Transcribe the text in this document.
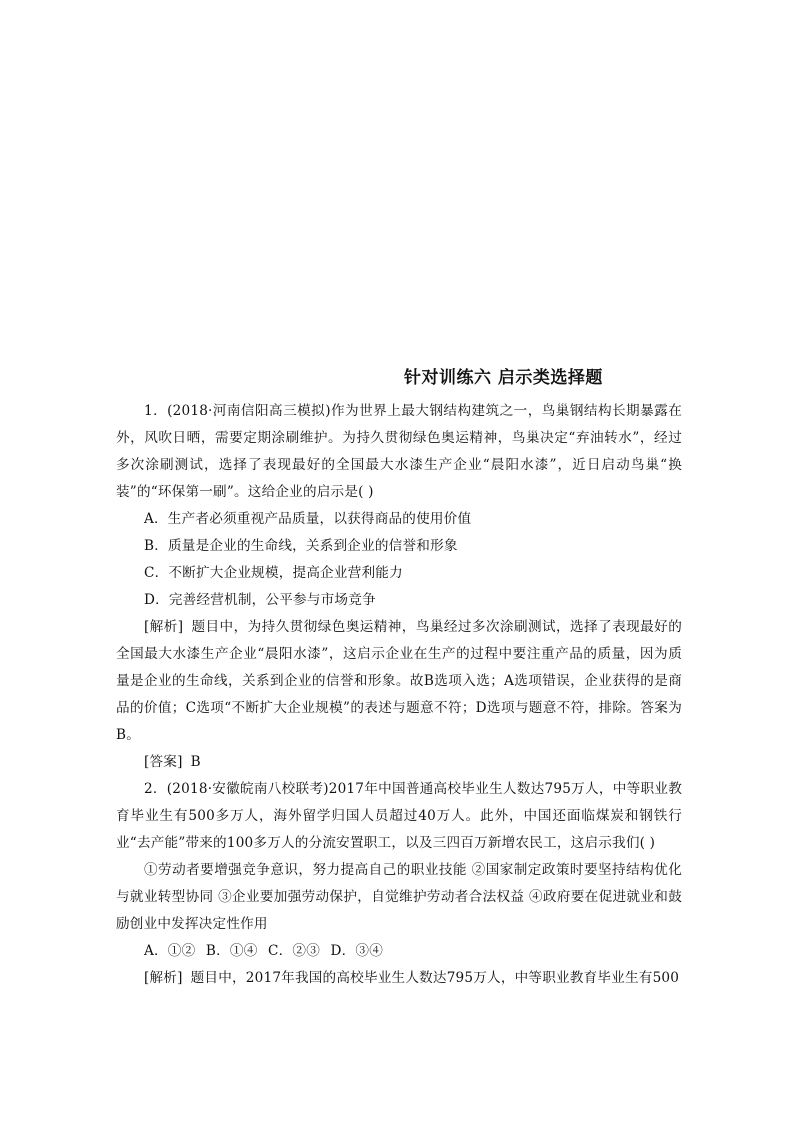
针对训练六 启示类选择题

1．(2018·河南信阳高三模拟)作为世界上最大钢结构建筑之一，鸟巢钢结构长期暴露在外，风吹日晒，需要定期涂刷维护。为持久贯彻绿色奥运精神，鸟巢决定“弃油转水”，经过多次涂刷测试，选择了表现最好的全国最大水漆生产企业“晨阳水漆”，近日启动鸟巢“换装”的“环保第一刷”。这给企业的启示是( )

A．生产者必须重视产品质量，以获得商品的使用价值

B．质量是企业的生命线，关系到企业的信誉和形象

C．不断扩大企业规模，提高企业营利能力

D．完善经营机制，公平参与市场竞争

[解析] 题目中，为持久贯彻绿色奥运精神，鸟巢经过多次涂刷测试，选择了表现最好的全国最大水漆生产企业“晨阳水漆”，这启示企业在生产的过程中要注重产品的质量，因为质量是企业的生命线，关系到企业的信誉和形象。故B选项入选；A选项错误，企业获得的是商品的价值；C选项“不断扩大企业规模”的表述与题意不符；D选项与题意不符，排除。答案为B。

[答案] B

2．(2018·安徽皖南八校联考)2017年中国普通高校毕业生人数达795万人，中等职业教育毕业生有500多万人，海外留学归国人员超过40万人。此外，中国还面临煤炭和钢铁行业“去产能”带来的100多万人的分流安置职工，以及三四百万新增农民工，这启示我们( )

①劳动者要增强竞争意识，努力提高自己的职业技能 ②国家制定政策时要坚持结构优化与就业转型协同 ③企业要加强劳动保护，自觉维护劳动者合法权益 ④政府要在促进就业和鼓励创业中发挥决定性作用

A．①② B．①④ C．②③ D．③④

[解析] 题目中，2017年我国的高校毕业生人数达795万人，中等职业教育毕业生有500
